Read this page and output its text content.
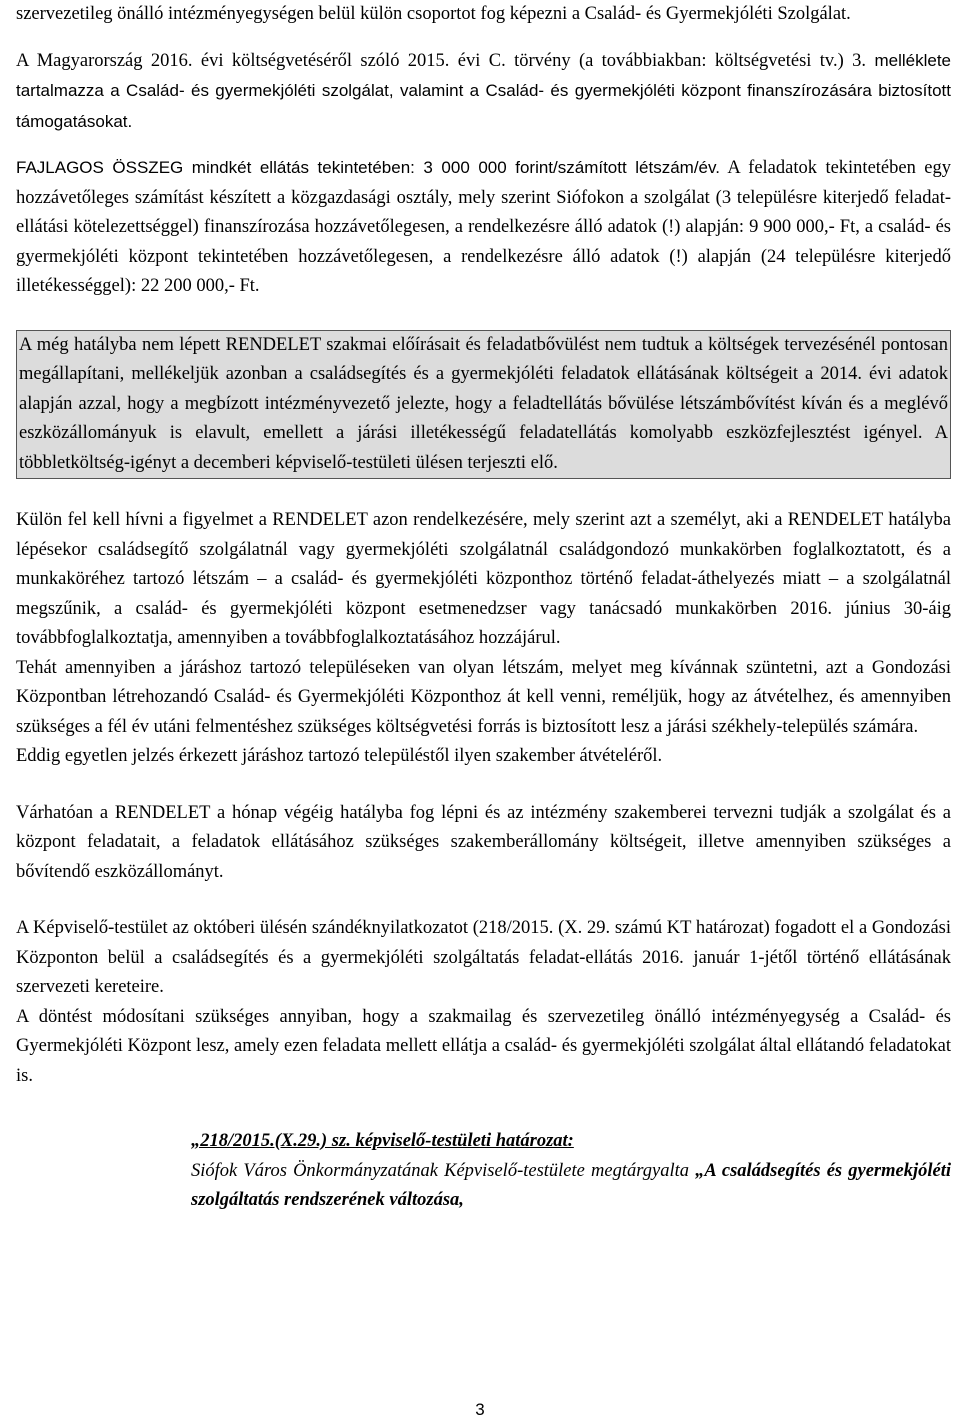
szervezetileg önálló intézményegységen belül külön csoportot fog képezni a Család- és Gyermekjóléti Szolgálat.

A Magyarország 2016. évi költségvetéséről szóló 2015. évi C. törvény (a továbbiakban: költségvetési tv.) 3. melléklete tartalmazza a Család- és gyermekjóléti szolgálat, valamint a Család- és gyermekjóléti központ finanszírozására biztosított támogatásokat.

FAJLAGOS ÖSSZEG mindkét ellátás tekintetében: 3 000 000 forint/számított létszám/év. A feladatok tekintetében egy hozzávetőleges számítást készített a közgazdasági osztály, mely szerint Siófokon a szolgálat (3 településre kiterjedő feladat-ellátási kötelezettséggel) finanszírozása hozzávetőlegesen, a rendelkezésre álló adatok (!) alapján: 9 900 000,- Ft, a család- és gyermekjóléti központ tekintetében hozzávetőlegesen, a rendelkezésre álló adatok (!) alapján (24 településre kiterjedő illetékességgel): 22 200 000,- Ft.

A még hatályba nem lépett RENDELET szakmai előírásait és feladatbővülést nem tudtuk a költségek tervezésénél pontosan megállapítani, mellékeljük azonban a családsegítés és a gyermekjóléti feladatok ellátásának költségeit a 2014. évi adatok alapján azzal, hogy a megbízott intézményvezető jelezte, hogy a feladtellátás bővülése létszámbővítést kíván és a meglévő eszközállományuk is elavult, emellett a járási illetékességű feladatellátás komolyabb eszközfejlesztést igényel. A többletköltség-igényt a decemberi képviselő-testületi ülésen terjeszti elő.

Külön fel kell hívni a figyelmet a RENDELET azon rendelkezésére, mely szerint azt a személyt, aki a RENDELET hatályba lépésekor családsegítő szolgálatnál vagy gyermekjóléti szolgálatnál családgondozó munkakörben foglalkoztatott, és a munkaköréhez tartozó létszám – a család- és gyermekjóléti központhoz történő feladat-áthelyezés miatt – a szolgálatnál megszűnik, a család- és gyermekjóléti központ esetmenedzser vagy tanácsadó munkakörben 2016. június 30-áig továbbfoglalkoztatja, amennyiben a továbbfoglalkoztatásához hozzájárul.

Tehát amennyiben a járáshoz tartozó településeken van olyan létszám, melyet meg kívánnak szüntetni, azt a Gondozási Központban létrehozandó Család- és Gyermekjóléti Központhoz át kell venni, reméljük, hogy az átvételhez, és amennyiben szükséges a fél év utáni felmentéshez szükséges költségvetési forrás is biztosított lesz a járási székhely-település számára.

Eddig egyetlen jelzés érkezett járáshoz tartozó településtől ilyen szakember átvételéről.

Várhatóan a RENDELET a hónap végéig hatályba fog lépni és az intézmény szakemberei tervezni tudják a szolgálat és a központ feladatait, a feladatok ellátásához szükséges szakemberállomány költségeit, illetve amennyiben szükséges a bővítendő eszközállományt.

A Képviselő-testület az októberi ülésén szándéknyilatkozatot (218/2015. (X. 29. számú KT határozat) fogadott el a Gondozási Központon belül a családsegítés és a gyermekjóléti szolgáltatás feladat-ellátás 2016. január 1-jétől történő ellátásának szervezeti kereteire.

A döntést módosítani szükséges annyiban, hogy a szakmailag és szervezetileg önálló intézményegység a Család- és Gyermekjóléti Központ lesz, amely ezen feladata mellett ellátja a család- és gyermekjóléti szolgálat által ellátandó feladatokat is.

„218/2015.(X.29.) sz. képviselő-testületi határozat:

Siófok Város Önkormányzatának Képviselő-testülete megtárgyalta „A családsegítés és gyermekjóléti szolgáltatás rendszerének változása,

3
